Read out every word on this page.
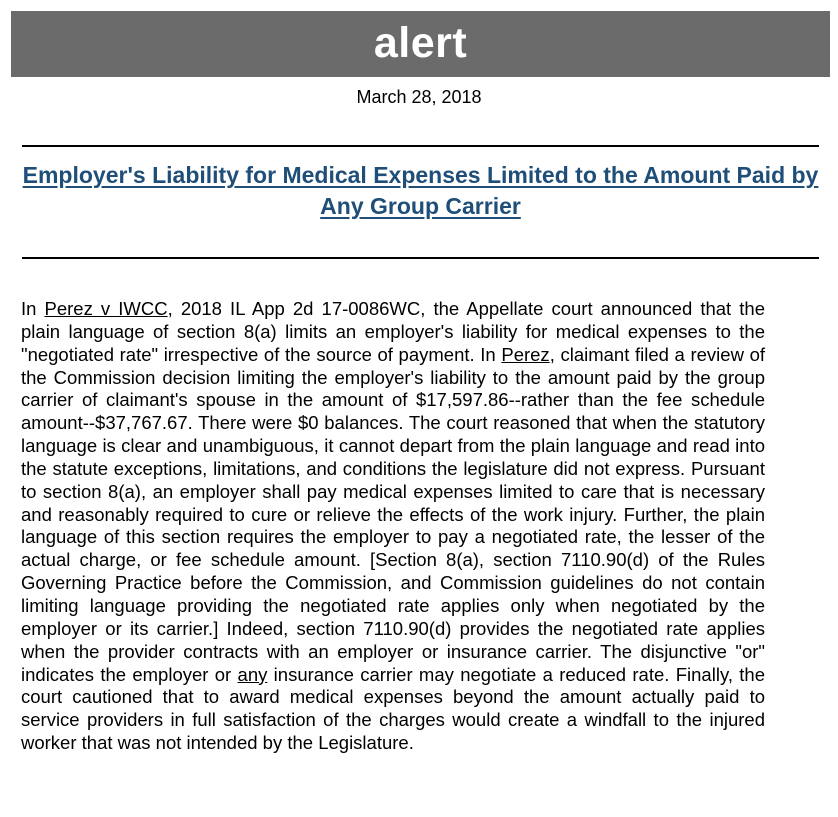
alert
March 28, 2018
Employer's Liability for Medical Expenses Limited to the Amount Paid by Any Group Carrier
In Perez v IWCC, 2018 IL App 2d 17-0086WC, the Appellate court announced that the plain language of section 8(a) limits an employer's liability for medical expenses to the "negotiated rate" irrespective of the source of payment. In Perez, claimant filed a review of the Commission decision limiting the employer's liability to the amount paid by the group carrier of claimant's spouse in the amount of $17,597.86--rather than the fee schedule amount--$37,767.67. There were $0 balances. The court reasoned that when the statutory language is clear and unambiguous, it cannot depart from the plain language and read into the statute exceptions, limitations, and conditions the legislature did not express. Pursuant to section 8(a), an employer shall pay medical expenses limited to care that is necessary and reasonably required to cure or relieve the effects of the work injury. Further, the plain language of this section requires the employer to pay a negotiated rate, the lesser of the actual charge, or fee schedule amount. [Section 8(a), section 7110.90(d) of the Rules Governing Practice before the Commission, and Commission guidelines do not contain limiting language providing the negotiated rate applies only when negotiated by the employer or its carrier.] Indeed, section 7110.90(d) provides the negotiated rate applies when the provider contracts with an employer or insurance carrier. The disjunctive "or" indicates the employer or any insurance carrier may negotiate a reduced rate. Finally, the court cautioned that to award medical expenses beyond the amount actually paid to service providers in full satisfaction of the charges would create a windfall to the injured worker that was not intended by the Legislature.
